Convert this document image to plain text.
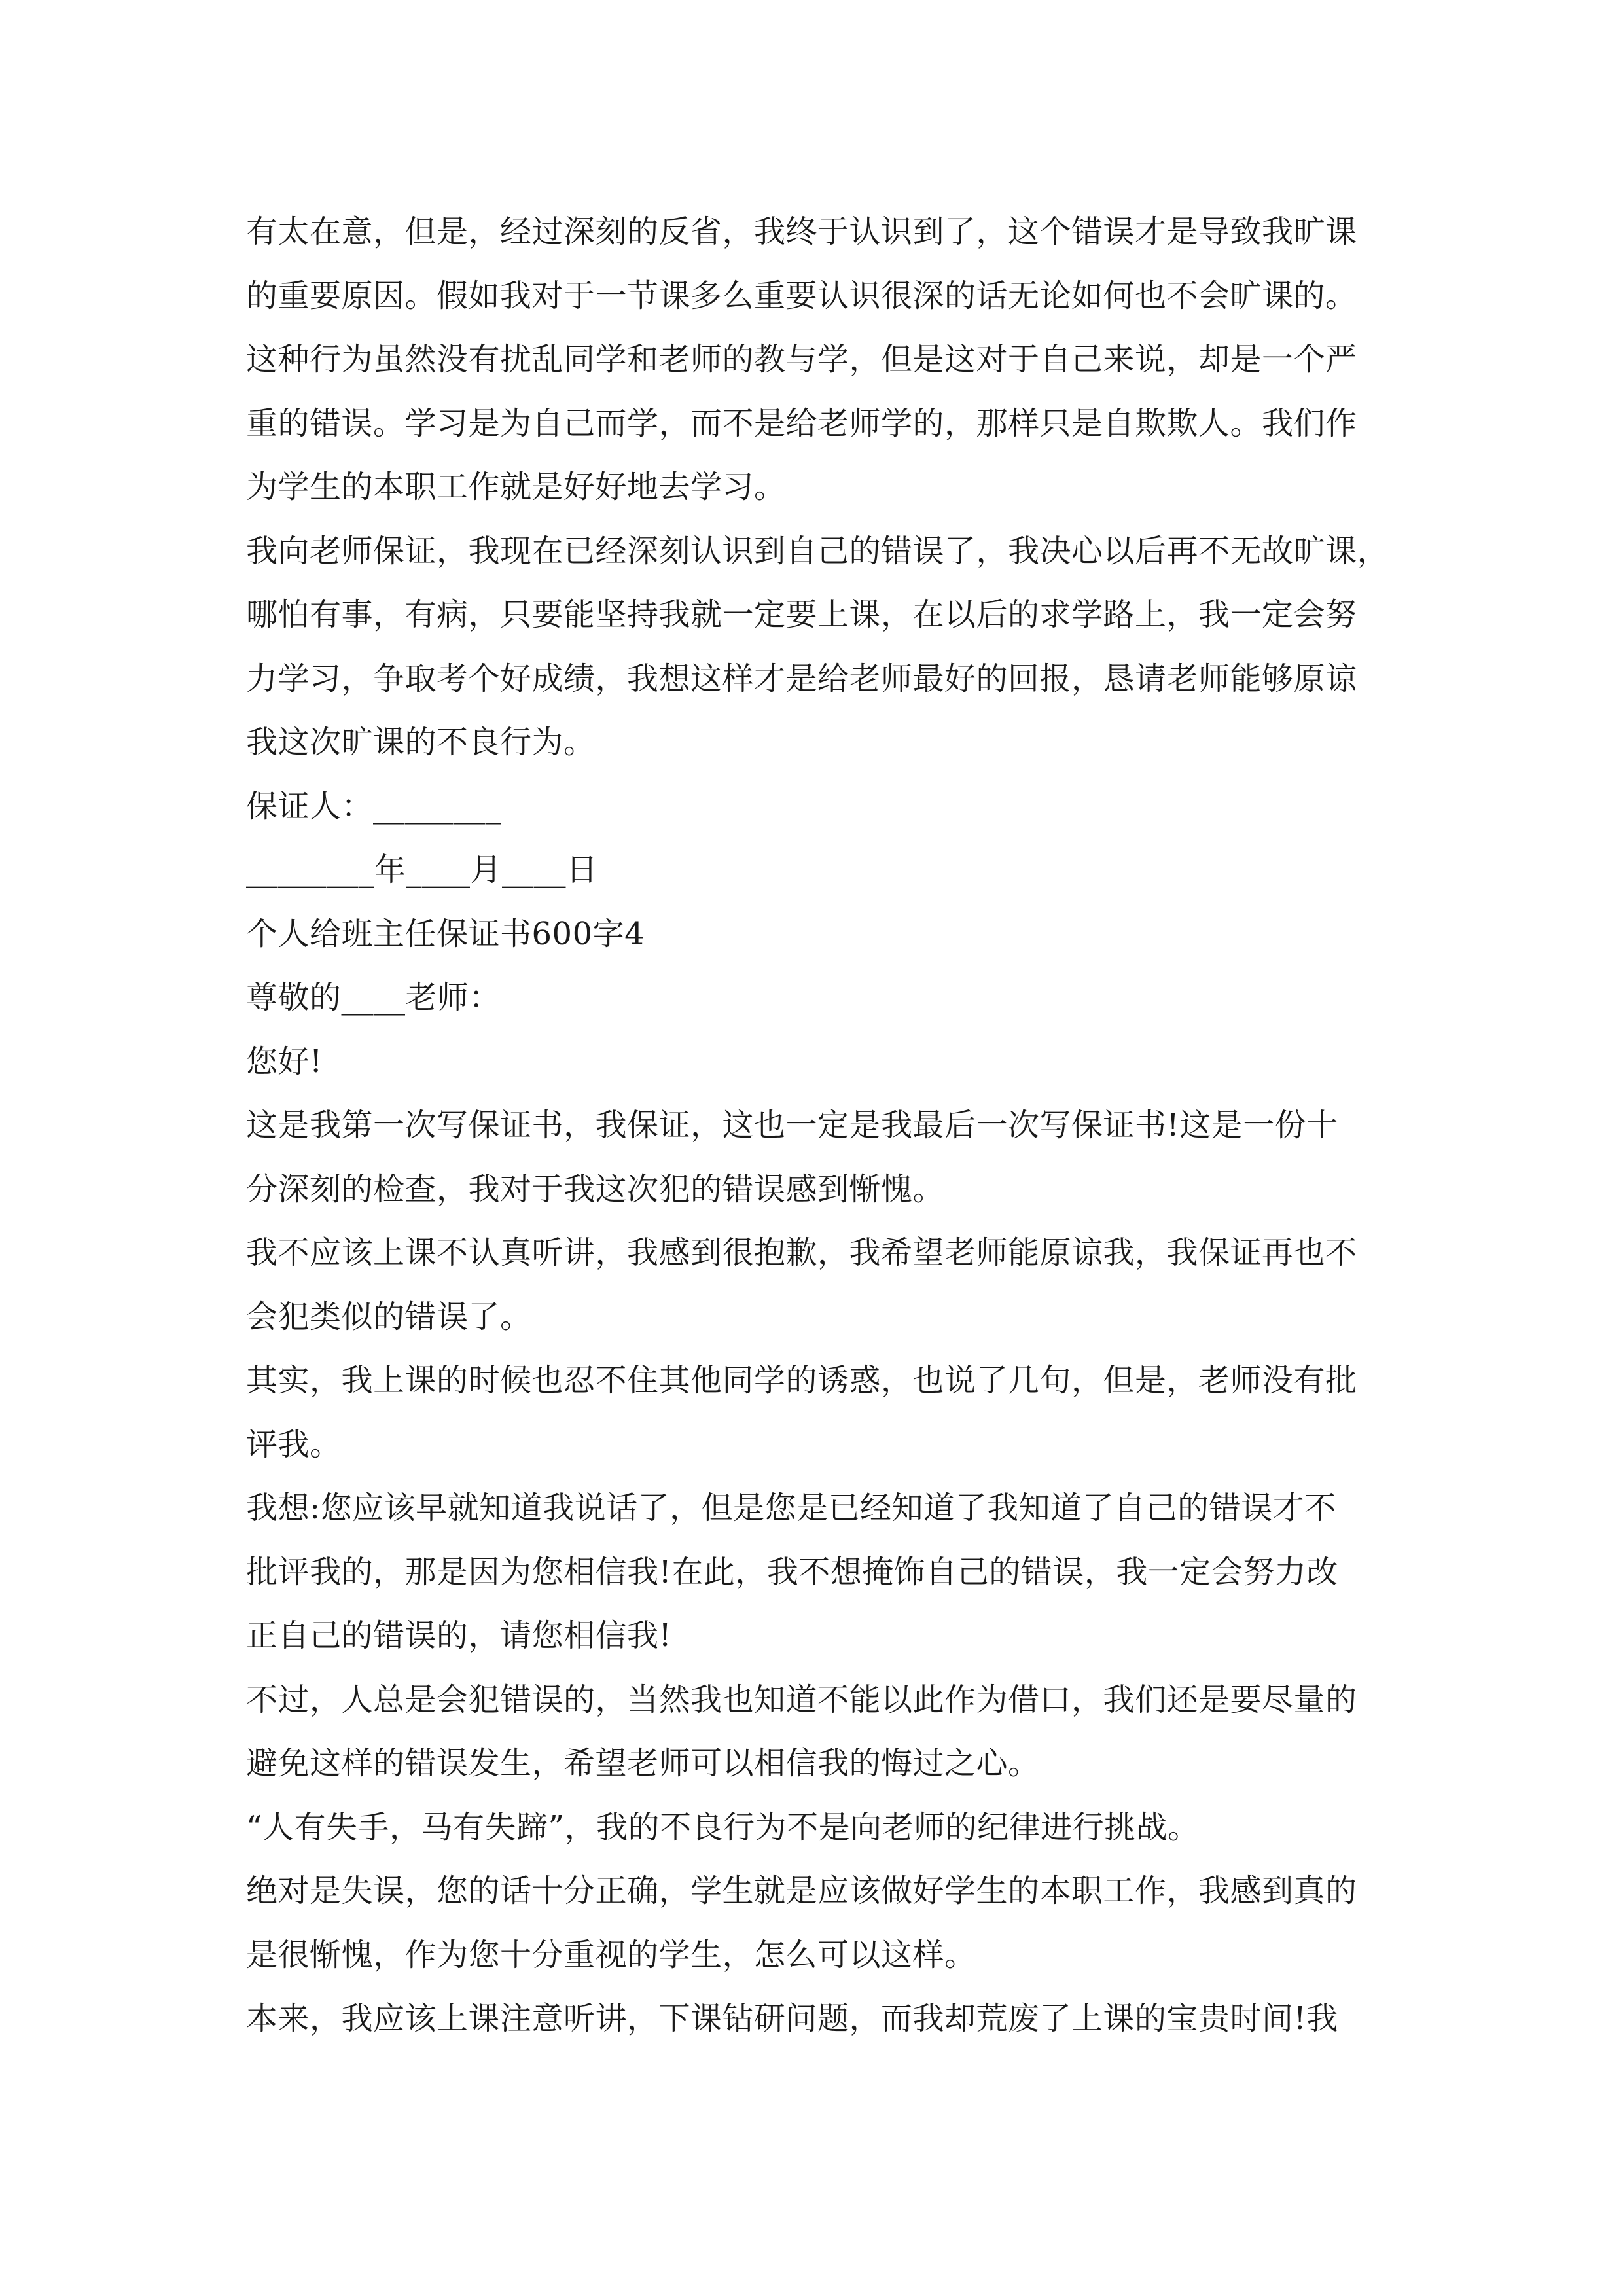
有太在意，但是，经过深刻的反省，我终于认识到了，这个错误才是导致我旷课
的重要原因。假如我对于一节课多么重要认识很深的话无论如何也不会旷课的。
这种行为虽然没有扰乱同学和老师的教与学，但是这对于自己来说，却是一个严
重的错误。学习是为自己而学，而不是给老师学的，那样只是自欺欺人。我们作
为学生的本职工作就是好好地去学习。
我向老师保证，我现在已经深刻认识到自己的错误了，我决心以后再不无故旷课，
哪怕有事，有病，只要能坚持我就一定要上课，在以后的求学路上，我一定会努
力学习，争取考个好成绩，我想这样才是给老师最好的回报，恳请老师能够原谅
我这次旷课的不良行为。
保证人：________
________年____月____日
个人给班主任保证书600字4
尊敬的____老师：
您好!
这是我第一次写保证书，我保证，这也一定是我最后一次写保证书!这是一份十
分深刻的检查，我对于我这次犯的错误感到惭愧。
我不应该上课不认真听讲，我感到很抱歉，我希望老师能原谅我，我保证再也不
会犯类似的错误了。
其实，我上课的时候也忍不住其他同学的诱惑，也说了几句，但是，老师没有批
评我。
我想:您应该早就知道我说话了，但是您是已经知道了我知道了自己的错误才不
批评我的，那是因为您相信我!在此，我不想掩饰自己的错误，我一定会努力改
正自己的错误的，请您相信我!
不过，人总是会犯错误的，当然我也知道不能以此作为借口，我们还是要尽量的
避免这样的错误发生，希望老师可以相信我的悔过之心。
“人有失手，马有失蹄”，我的不良行为不是向老师的纪律进行挑战。
绝对是失误，您的话十分正确，学生就是应该做好学生的本职工作，我感到真的
是很惭愧，作为您十分重视的学生，怎么可以这样。
本来，我应该上课注意听讲，下课钻研问题，而我却荒废了上课的宝贵时间!我
